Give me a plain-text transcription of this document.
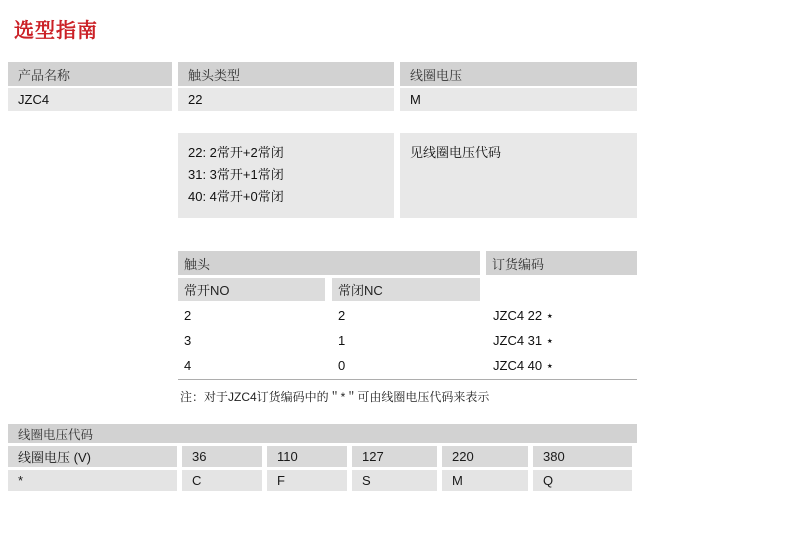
选型指南
产品名称	触头类型	线圈电压
JZC4	22	M
22: 2常开+2常闭
31: 3常开+1常闭
40: 4常开+0常闭
见线圈电压代码
触头	订货编码
常开NO	常闭NC
2	2	JZC4 22 ⋆
3	1	JZC4 31 ⋆
4	0	JZC4 40 ⋆
注：对于JZC4订货编码中的＂*＂可由线圈电压代码来表示
线圈电压代码
线圈电压 (V)	36	110	127	220	380
*	C	F	S	M	Q
